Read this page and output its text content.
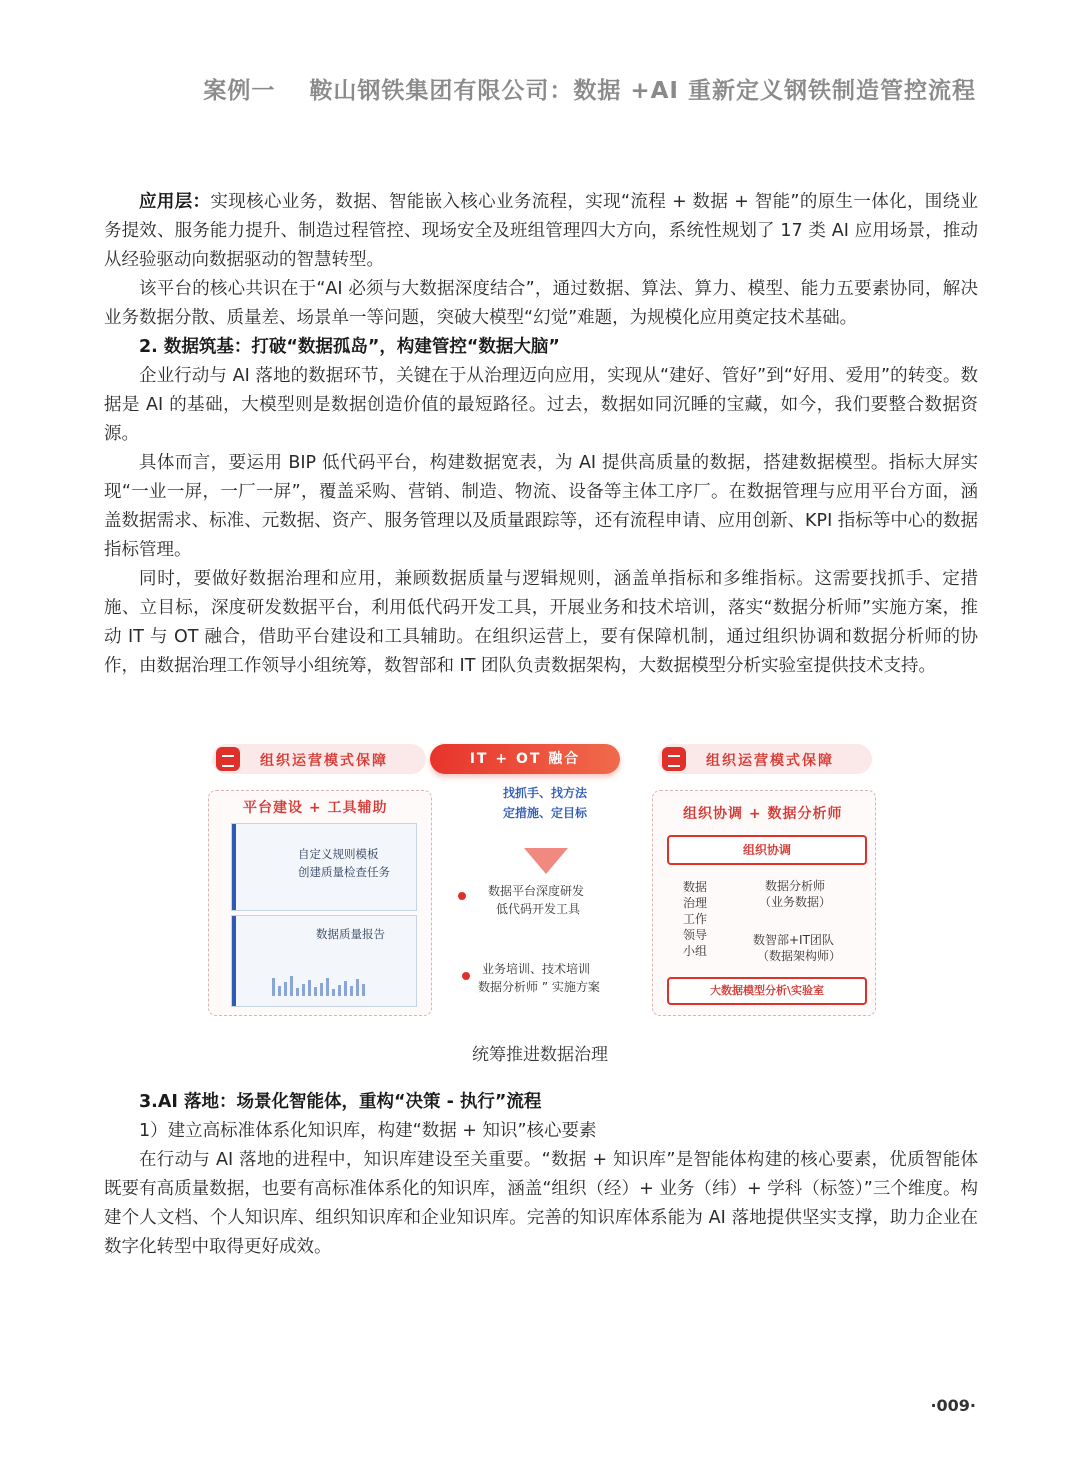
案例一 鞍山钢铁集团有限公司：数据 +AI 重新定义钢铁制造管控流程

应用层：实现核心业务，数据、智能嵌入核心业务流程，实现“流程 + 数据 + 智能”的原生一体化，围绕业务提效、服务能力提升、制造过程管控、现场安全及班组管理四大方向，系统性规划了 17 类 AI 应用场景，推动从经验驱动向数据驱动的智慧转型。

该平台的核心共识在于“AI 必须与大数据深度结合”，通过数据、算法、算力、模型、能力五要素协同，解决业务数据分散、质量差、场景单一等问题，突破大模型“幻觉”难题，为规模化应用奠定技术基础。

2. 数据筑基：打破“数据孤岛”，构建管控“数据大脑”

企业行动与 AI 落地的数据环节，关键在于从治理迈向应用，实现从“建好、管好”到“好用、爱用”的转变。数据是 AI 的基础，大模型则是数据创造价值的最短路径。过去，数据如同沉睡的宝藏，如今，我们要整合数据资源。

具体而言，要运用 BIP 低代码平台，构建数据宽表，为 AI 提供高质量的数据，搭建数据模型。指标大屏实现“一业一屏，一厂一屏”，覆盖采购、营销、制造、物流、设备等主体工序厂。在数据管理与应用平台方面，涵盖数据需求、标准、元数据、资产、服务管理以及质量跟踪等，还有流程申请、应用创新、KPI 指标等中心的数据指标管理。

同时，要做好数据治理和应用，兼顾数据质量与逻辑规则，涵盖单指标和多维指标。这需要找抓手、定措施、立目标，深度研发数据平台，利用低代码开发工具，开展业务和技术培训，落实“数据分析师”实施方案，推动 IT 与 OT 融合，借助平台建设和工具辅助。在组织运营上，要有保障机制，通过组织协调和数据分析师的协作，由数据治理工作领导小组统筹，数智部和 IT 团队负责数据架构，大数据模型分析实验室提供技术支持。

组织运营模式保障	IT + OT 融合	组织运营模式保障
平台建设 + 工具辅助
自定义规则模板
创建质量检查任务
数据质量报告
找抓手、找方法
定措施、定目标
数据平台深度研发
低代码开发工具
业务培训、技术培训
数据分析师 ” 实施方案
组织协调 + 数据分析师
组织协调
数据
治理
工作
领导
小组
数据分析师
（业务数据）
数智部+IT团队
（数据架构师）
大数据模型分析\实验室
统筹推进数据治理

3.AI 落地：场景化智能体，重构“决策 - 执行”流程

1）建立高标准体系化知识库，构建“数据 + 知识”核心要素

在行动与 AI 落地的进程中，知识库建设至关重要。“数据 + 知识库”是智能体构建的核心要素，优质智能体既要有高质量数据，也要有高标准体系化的知识库，涵盖“组织（经）+ 业务（纬）+ 学科（标签）”三个维度。构建个人文档、个人知识库、组织知识库和企业知识库。完善的知识库体系能为 AI 落地提供坚实支撑，助力企业在数字化转型中取得更好成效。

·009·
